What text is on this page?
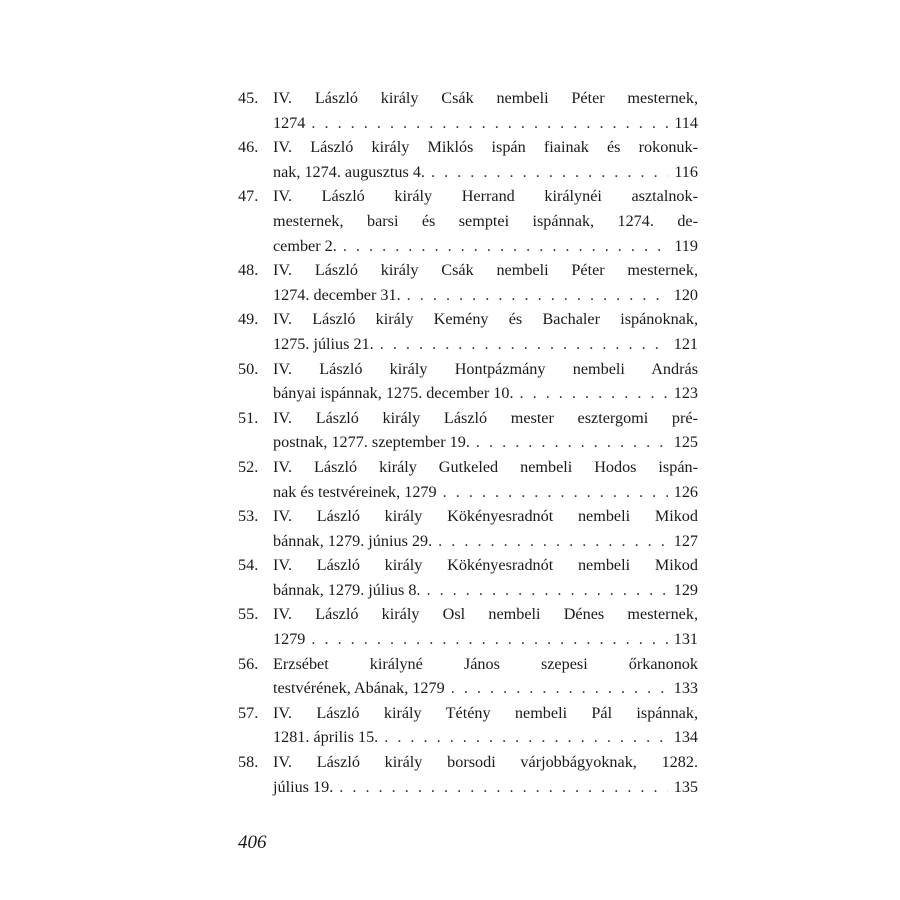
45. IV. László király Csák nembeli Péter mesternek,
1274 . . .	114
46. IV. László király Miklós ispán fiainak és rokonuk-
nak, 1274. augusztus 4. . . .	116
47. IV. László király Herrand királynéi asztalnok-
mesternek, barsi és semptei ispánnak, 1274. de-
cember 2. . . .	119
48. IV. László király Csák nembeli Péter mesternek,
1274. december 31. . . .	120
49. IV. László király Kemény és Bachaler ispánoknak,
1275. július 21. . . .	121
50. IV. László király Hontpázmány nembeli András
bányai ispánnak, 1275. december 10. . . .	123
51. IV. László király László mester esztergomi pré-
postnak, 1277. szeptember 19. . . .	125
52. IV. László király Gutkeled nembeli Hodos ispán-
nak és testvéreinek, 1279 . . .	126
53. IV. László király Kökényesradnót nembeli Mikod
bánnak, 1279. június 29. . . .	127
54. IV. László király Kökényesradnót nembeli Mikod
bánnak, 1279. július 8. . . .	129
55. IV. László király Osl nembeli Dénes mesternek,
1279 . . .	131
56. Erzsébet királyné János szepesi őrkanonok
testvérének, Abának, 1279 . . .	133
57. IV. László király Tétény nembeli Pál ispánnak,
1281. április 15. . . .	134
58. IV. László király borsodi várjobbágyoknak, 1282.
július 19. . . .	135
406
